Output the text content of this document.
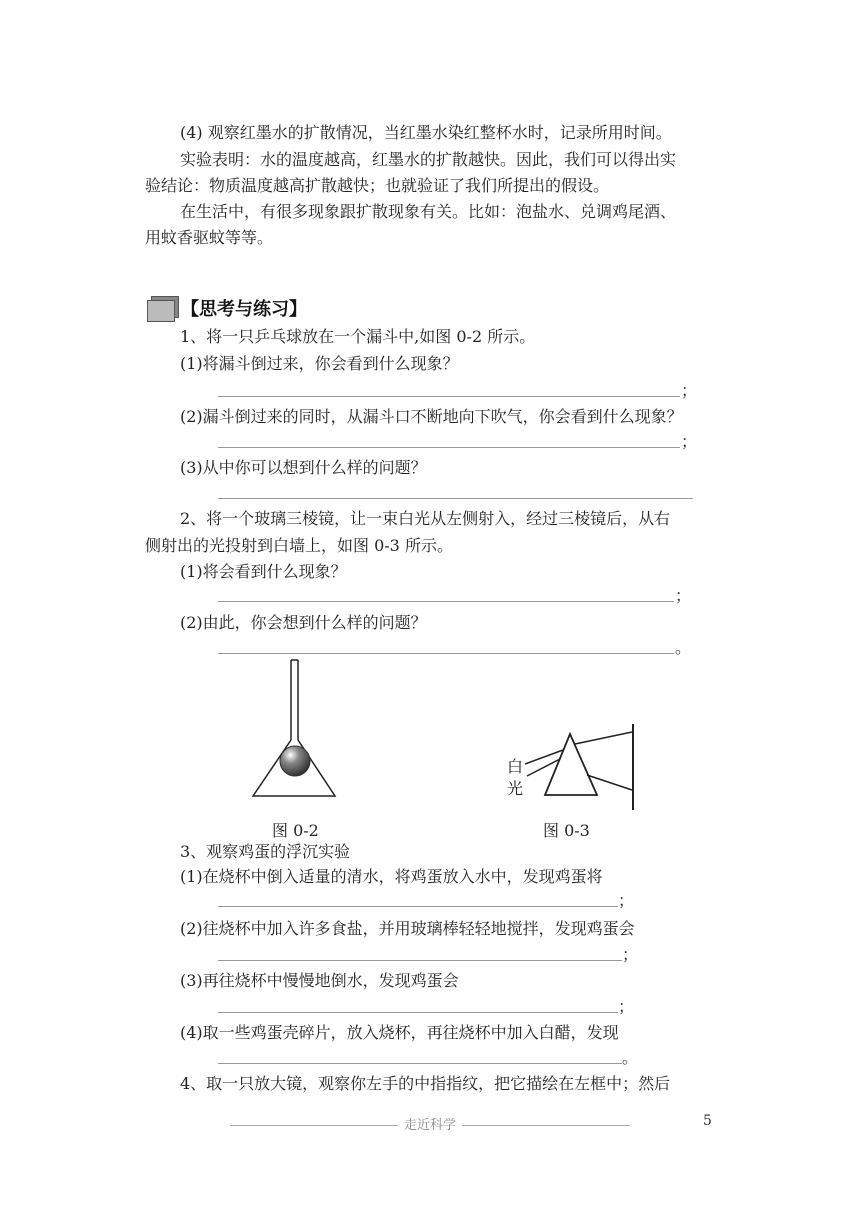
(4) 观察红墨水的扩散情况，当红墨水染红整杯水时，记录所用时间。
实验表明：水的温度越高，红墨水的扩散越快。因此，我们可以得出实
验结论：物质温度越高扩散越快；也就验证了我们所提出的假设。
在生活中，有很多现象跟扩散现象有关。比如：泡盐水、兑调鸡尾酒、
用蚊香驱蚊等等。
【思考与练习】
1、将一只乒乓球放在一个漏斗中,如图 0-2 所示。
(1)将漏斗倒过来，你会看到什么现象？
；
(2)漏斗倒过来的同时，从漏斗口不断地向下吹气，你会看到什么现象？
；
(3)从中你可以想到什么样的问题？
2、将一个玻璃三棱镜，让一束白光从左侧射入，经过三棱镜后，从右
侧射出的光投射到白墙上，如图 0-3 所示。
(1)将会看到什么现象？
；
(2)由此，你会想到什么样的问题？
。
图 0-2
白
光
图 0-3
3、观察鸡蛋的浮沉实验
(1)在烧杯中倒入适量的清水，将鸡蛋放入水中，发现鸡蛋将
；
(2)往烧杯中加入许多食盐，并用玻璃棒轻轻地搅拌，发现鸡蛋会
；
(3)再往烧杯中慢慢地倒水，发现鸡蛋会
；
(4)取一些鸡蛋壳碎片，放入烧杯，再往烧杯中加入白醋，发现
。
4、取一只放大镜，观察你左手的中指指纹，把它描绘在左框中；然后
走近科学	5
